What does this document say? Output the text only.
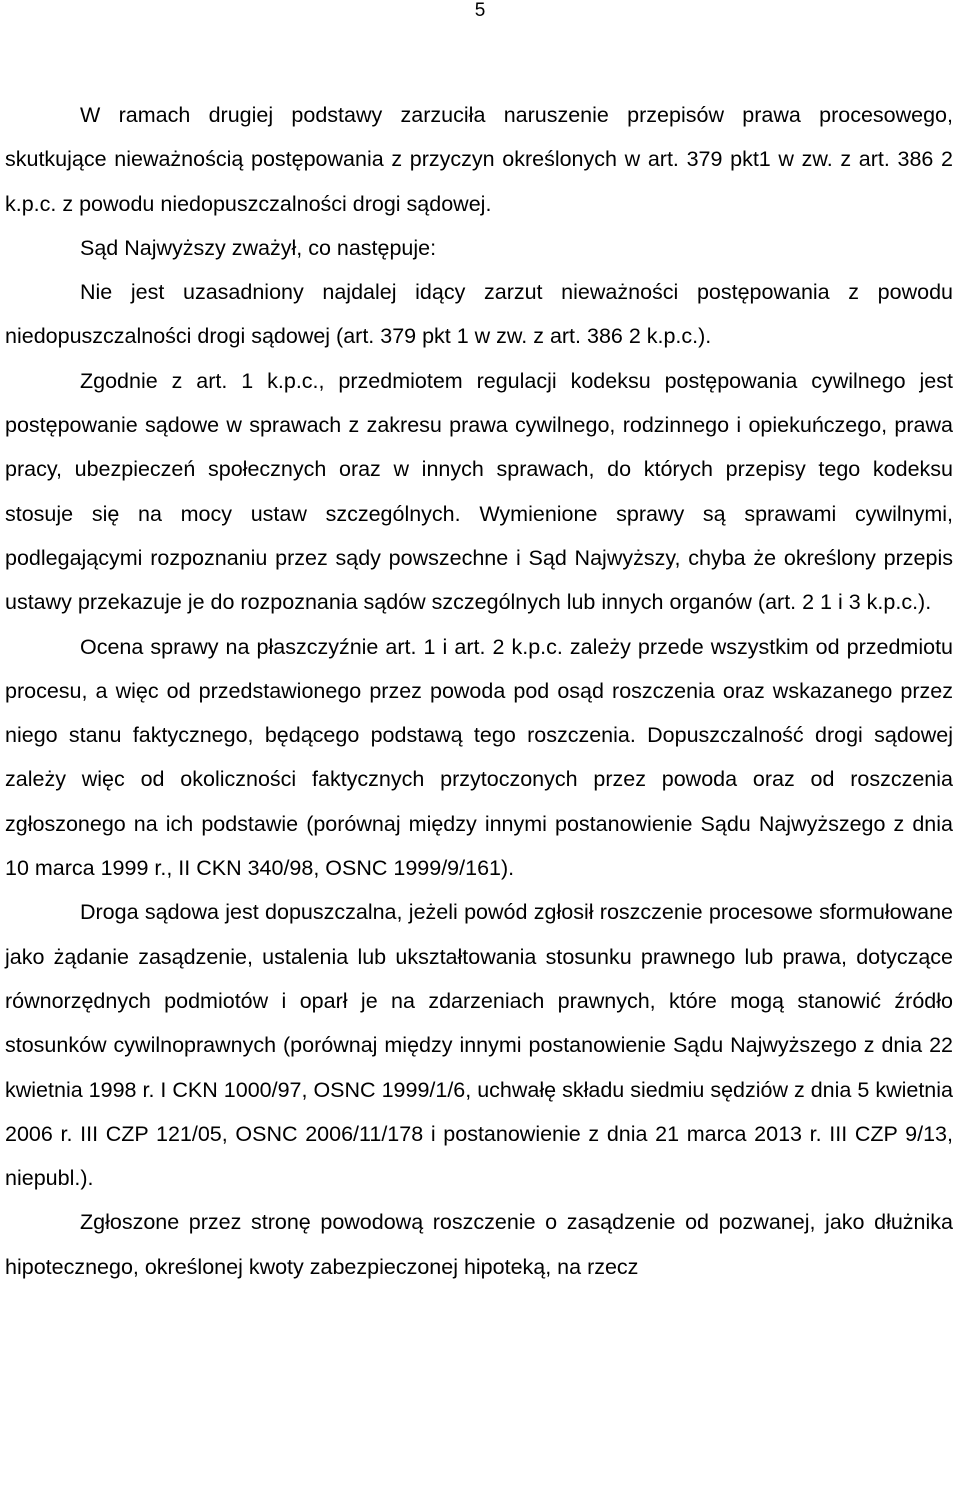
5

W ramach drugiej podstawy zarzuciła naruszenie przepisów prawa procesowego, skutkujące nieważnością postępowania z przyczyn określonych w art. 379 pkt1 w zw. z art. 386 2 k.p.c. z powodu niedopuszczalności drogi sądowej.

Sąd Najwyższy zważył, co następuje:

Nie jest uzasadniony najdalej idący zarzut nieważności postępowania z powodu niedopuszczalności drogi sądowej (art. 379 pkt 1 w zw. z art. 386 2 k.p.c.).

Zgodnie z art. 1 k.p.c., przedmiotem regulacji kodeksu postępowania cywilnego jest postępowanie sądowe w sprawach z zakresu prawa cywilnego, rodzinnego i opiekuńczego, prawa pracy, ubezpieczeń społecznych oraz w innych sprawach, do których przepisy tego kodeksu stosuje się na mocy ustaw szczególnych. Wymienione sprawy są sprawami cywilnymi, podlegającymi rozpoznaniu przez sądy powszechne i Sąd Najwyższy, chyba że określony przepis ustawy przekazuje je do rozpoznania sądów szczególnych lub innych organów (art. 2 1 i 3 k.p.c.).

Ocena sprawy na płaszczyźnie art. 1 i art. 2 k.p.c. zależy przede wszystkim od przedmiotu procesu, a więc od przedstawionego przez powoda pod osąd roszczenia oraz wskazanego przez niego stanu faktycznego, będącego podstawą tego roszczenia. Dopuszczalność drogi sądowej zależy więc od okoliczności faktycznych przytoczonych przez powoda oraz od roszczenia zgłoszonego na ich podstawie (porównaj między innymi postanowienie Sądu Najwyższego z dnia 10 marca 1999 r., II CKN 340/98, OSNC 1999/9/161).

Droga sądowa jest dopuszczalna, jeżeli powód zgłosił roszczenie procesowe sformułowane jako żądanie zasądzenie, ustalenia lub ukształtowania stosunku prawnego lub prawa, dotyczące równorzędnych podmiotów i oparł je na zdarzeniach prawnych, które mogą stanowić źródło stosunków cywilnoprawnych (porównaj między innymi postanowienie Sądu Najwyższego z dnia 22 kwietnia 1998 r. I CKN 1000/97, OSNC 1999/1/6, uchwałę składu siedmiu sędziów z dnia 5 kwietnia 2006 r. III CZP 121/05, OSNC 2006/11/178 i postanowienie z dnia 21 marca 2013 r. III CZP 9/13, niepubl.).

Zgłoszone przez stronę powodową roszczenie o zasądzenie od pozwanej, jako dłużnika hipotecznego, określonej kwoty zabezpieczonej hipoteką, na rzecz
